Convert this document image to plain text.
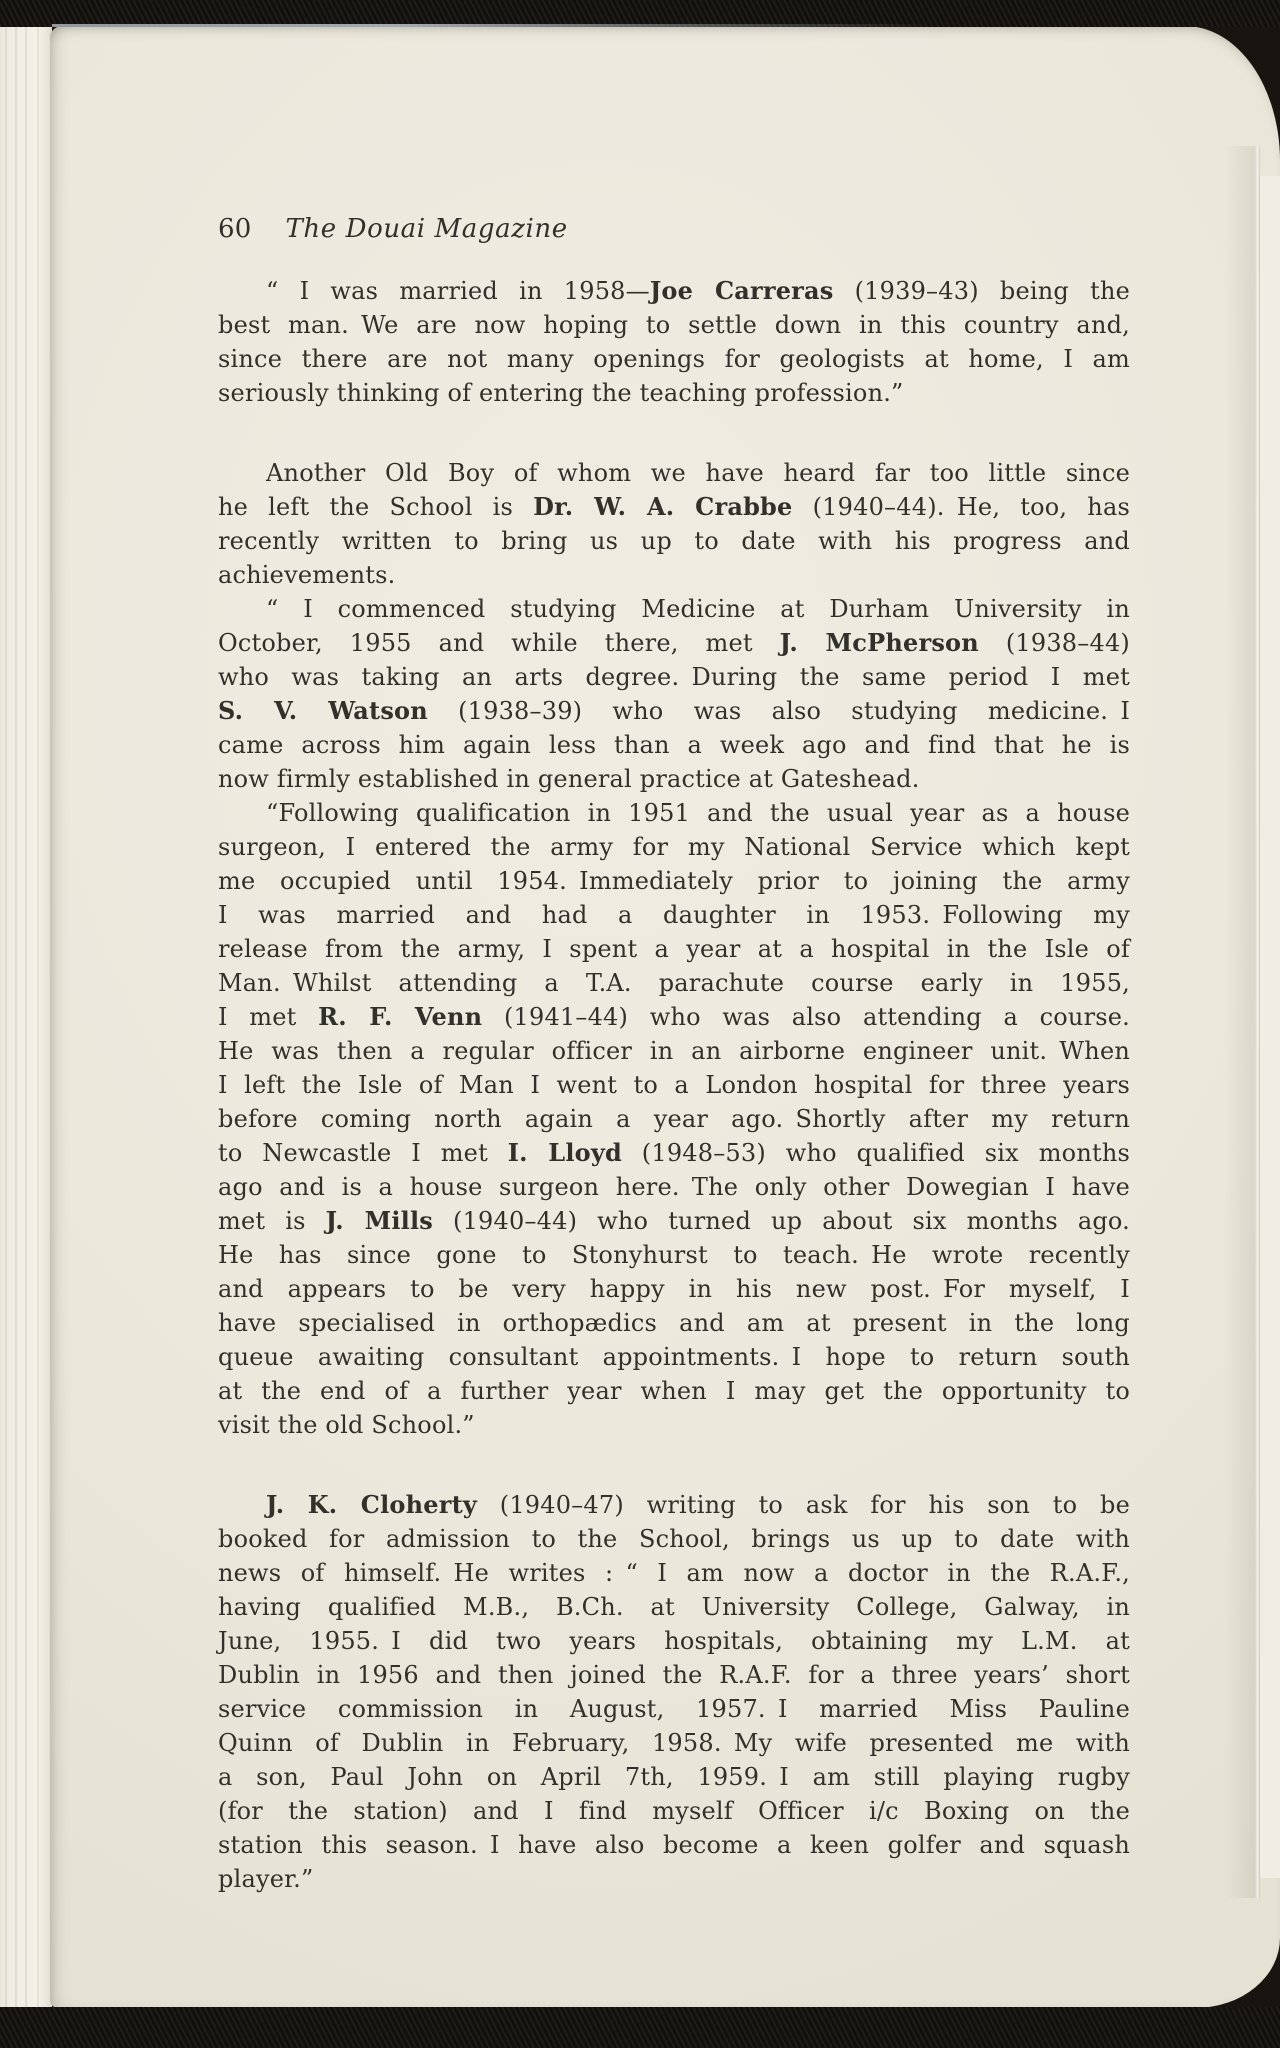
60 The Douai Magazine
“ I was married in 1958—Joe Carreras (1939–43) being the
best man. We are now hoping to settle down in this country and,
since there are not many openings for geologists at home, I am
seriously thinking of entering the teaching profession.”
Another Old Boy of whom we have heard far too little since
he left the School is Dr. W. A. Crabbe (1940–44). He, too, has
recently written to bring us up to date with his progress and
achievements.
“ I commenced studying Medicine at Durham University in
October, 1955 and while there, met J. McPherson (1938–44)
who was taking an arts degree. During the same period I met
S. V. Watson (1938–39) who was also studying medicine. I
came across him again less than a week ago and find that he is
now firmly established in general practice at Gateshead.
“Following qualification in 1951 and the usual year as a house
surgeon, I entered the army for my National Service which kept
me occupied until 1954. Immediately prior to joining the army
I was married and had a daughter in 1953. Following my
release from the army, I spent a year at a hospital in the Isle of
Man. Whilst attending a T.A. parachute course early in 1955,
I met R. F. Venn (1941–44) who was also attending a course.
He was then a regular officer in an airborne engineer unit. When
I left the Isle of Man I went to a London hospital for three years
before coming north again a year ago. Shortly after my return
to Newcastle I met I. Lloyd (1948–53) who qualified six months
ago and is a house surgeon here. The only other Dowegian I have
met is J. Mills (1940–44) who turned up about six months ago.
He has since gone to Stonyhurst to teach. He wrote recently
and appears to be very happy in his new post. For myself, I
have specialised in orthopædics and am at present in the long
queue awaiting consultant appointments. I hope to return south
at the end of a further year when I may get the opportunity to
visit the old School.”
J. K. Cloherty (1940–47) writing to ask for his son to be
booked for admission to the School, brings us up to date with
news of himself. He writes : “ I am now a doctor in the R.A.F.,
having qualified M.B., B.Ch. at University College, Galway, in
June, 1955. I did two years hospitals, obtaining my L.M. at
Dublin in 1956 and then joined the R.A.F. for a three years’ short
service commission in August, 1957. I married Miss Pauline
Quinn of Dublin in February, 1958. My wife presented me with
a son, Paul John on April 7th, 1959. I am still playing rugby
(for the station) and I find myself Officer i/c Boxing on the
station this season. I have also become a keen golfer and squash
player.”
